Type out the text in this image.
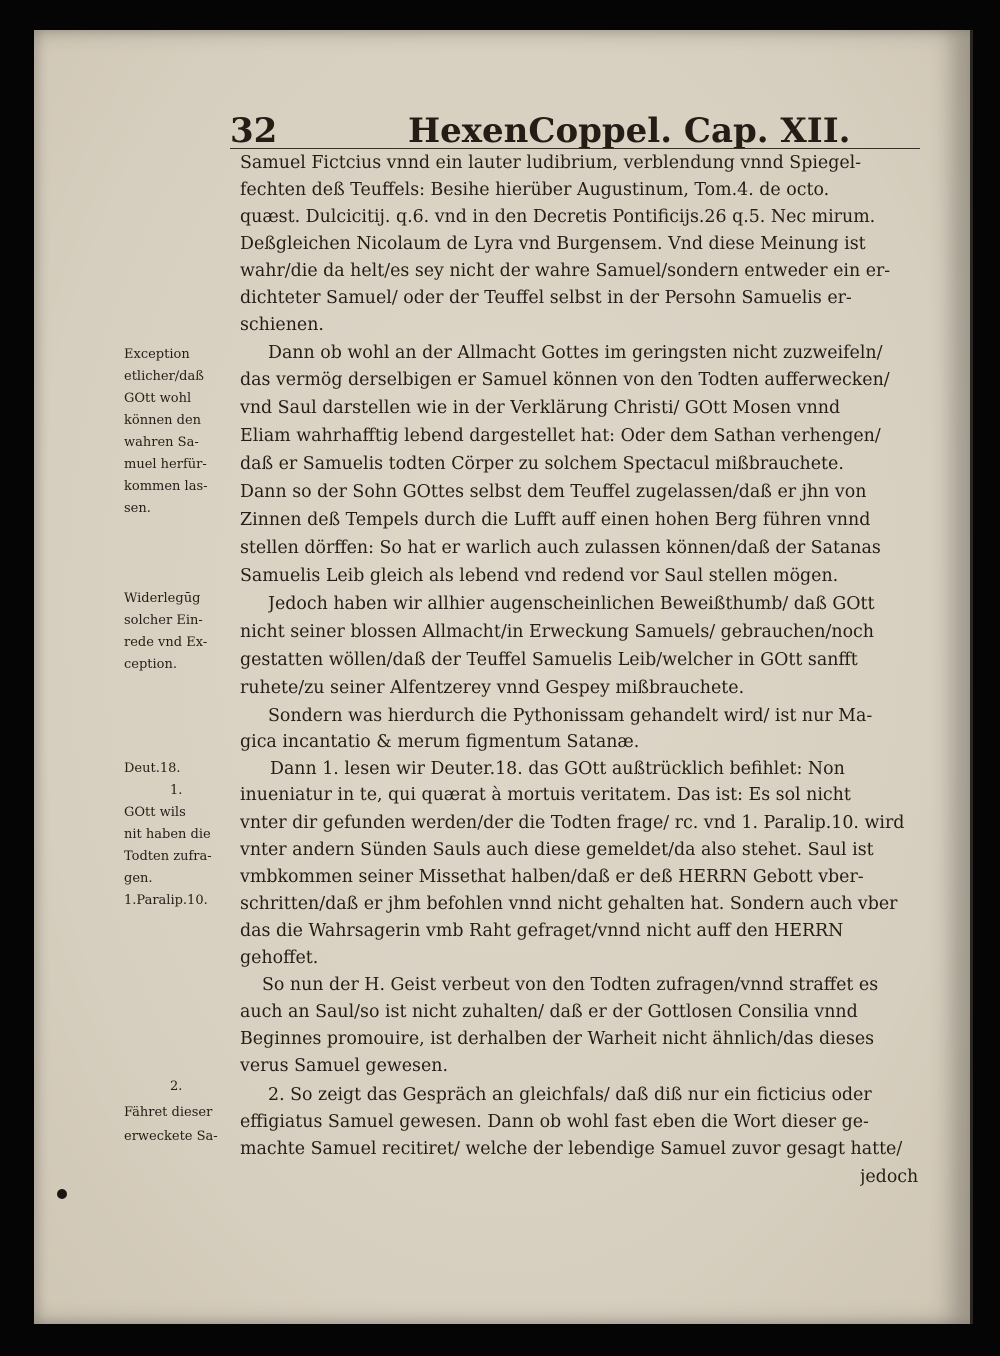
32	HexenCoppel. Cap. XII.
Samuel Fictcius vnnd ein lauter ludibrium, verblendung vnnd Spiegel-
fechten deß Teuffels: Besihe hierüber Augustinum, Tom.4. de octo.
quæst. Dulcicitij. q.6. vnd in den Decretis Pontificijs.26 q.5. Nec mirum.
Deßgleichen Nicolaum de Lyra vnd Burgensem. Vnd diese Meinung ist
wahr/die da helt/es sey nicht der wahre Samuel/sondern entweder ein er-
dichteter Samuel/ oder der Teuffel selbst in der Persohn Samuelis er-
schienen.
Dann ob wohl an der Allmacht Gottes im geringsten nicht zuzweifeln/
das vermög derselbigen er Samuel können von den Todten aufferwecken/
vnd Saul darstellen wie in der Verklärung Christi/ GOtt Mosen vnnd
Eliam wahrhafftig lebend dargestellet hat: Oder dem Sathan verhengen/
daß er Samuelis todten Cörper zu solchem Spectacul mißbrauchete.
Dann so der Sohn GOttes selbst dem Teuffel zugelassen/daß er jhn von
Zinnen deß Tempels durch die Lufft auff einen hohen Berg führen vnnd
stellen dörffen: So hat er warlich auch zulassen können/daß der Satanas
Samuelis Leib gleich als lebend vnd redend vor Saul stellen mögen.
Jedoch haben wir allhier augenscheinlichen Beweißthumb/ daß GOtt
nicht seiner blossen Allmacht/in Erweckung Samuels/ gebrauchen/noch
gestatten wöllen/daß der Teuffel Samuelis Leib/welcher in GOtt sanfft
ruhete/zu seiner Alfentzerey vnnd Gespey mißbrauchete.
Sondern was hierdurch die Pythonissam gehandelt wird/ ist nur Ma-
gica incantatio & merum figmentum Satanæ.
Dann 1. lesen wir Deuter.18. das GOtt außtrücklich befihlet: Non
inueniatur in te, qui quærat à mortuis veritatem. Das ist: Es sol nicht
vnter dir gefunden werden/der die Todten frage/ rc. vnd 1. Paralip.10. wird
vnter andern Sünden Sauls auch diese gemeldet/da also stehet. Saul ist
vmbkommen seiner Missethat halben/daß er deß HERRN Gebott vber-
schritten/daß er jhm befohlen vnnd nicht gehalten hat. Sondern auch vber
das die Wahrsagerin vmb Raht gefraget/vnnd nicht auff den HERRN
gehoffet.
So nun der H. Geist verbeut von den Todten zufragen/vnnd straffet es
auch an Saul/so ist nicht zuhalten/ daß er der Gottlosen Consilia vnnd
Beginnes promouire, ist derhalben der Warheit nicht ähnlich/das dieses
verus Samuel gewesen.
2. So zeigt das Gespräch an gleichfals/ daß diß nur ein ficticius oder
effigiatus Samuel gewesen. Dann ob wohl fast eben die Wort dieser ge-
machte Samuel recitiret/ welche der lebendige Samuel zuvor gesagt hatte/
jedoch
Exception
etlicher/daß
GOtt wohl
können den
wahren Sa-
muel herfür-
kommen las-
sen.
Widerlegūg
solcher Ein-
rede vnd Ex-
ception.
Deut.18.
1.
GOtt wils
nit haben die
Todten zufra-
gen.
1.Paralip.10.
2.
Fähret dieser
erweckete Sa-
